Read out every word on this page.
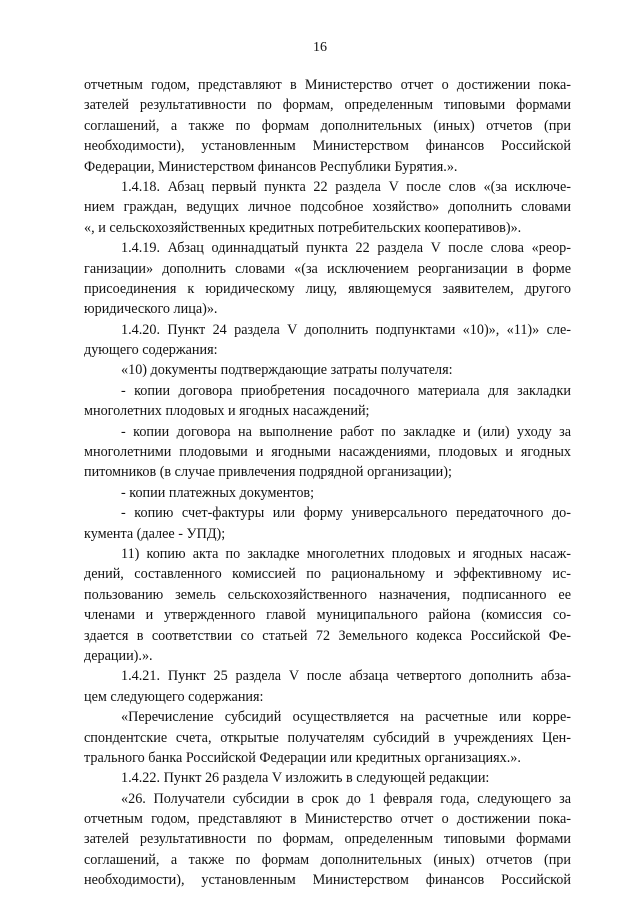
16
отчетным годом, представляют в Министерство отчет о достижении пока-
зателей результативности по формам, определенным типовыми формами
соглашений, а также по формам дополнительных (иных) отчетов (при
необходимости), установленным Министерством финансов Российской
Федерации, Министерством финансов Республики Бурятия.».
1.4.18. Абзац первый пункта 22 раздела V после слов «(за исключе-
нием граждан, ведущих личное подсобное хозяйство» дополнить словами
«, и сельскохозяйственных кредитных потребительских кооперативов)».
1.4.19. Абзац одиннадцатый пункта 22 раздела V после слова «реор-
ганизации» дополнить словами «(за исключением реорганизации в форме
присоединения к юридическому лицу, являющемуся заявителем, другого
юридического лица)».
1.4.20. Пункт 24 раздела V дополнить подпунктами «10)», «11)» сле-
дующего содержания:
«10) документы подтверждающие затраты получателя:
- копии договора приобретения посадочного материала для закладки
многолетних плодовых и ягодных насаждений;
- копии договора на выполнение работ по закладке и (или) уходу за
многолетними плодовыми и ягодными насаждениями, плодовых и ягодных
питомников (в случае привлечения подрядной организации);
- копии платежных документов;
- копию счет-фактуры или форму универсального передаточного до-
кумента (далее - УПД);
11) копию акта по закладке многолетних плодовых и ягодных насаж-
дений, составленного комиссией по рациональному и эффективному ис-
пользованию земель сельскохозяйственного назначения, подписанного ее
членами и утвержденного главой муниципального района (комиссия со-
здается в соответствии со статьей 72 Земельного кодекса Российской Фе-
дерации).».
1.4.21. Пункт 25 раздела V после абзаца четвертого дополнить абза-
цем следующего содержания:
«Перечисление субсидий осуществляется на расчетные или корре-
спондентские счета, открытые получателям субсидий в учреждениях Цен-
трального банка Российской Федерации или кредитных организациях.».
1.4.22. Пункт 26 раздела V изложить в следующей редакции:
«26. Получатели субсидии в срок до 1 февраля года, следующего за
отчетным годом, представляют в Министерство отчет о достижении пока-
зателей результативности по формам, определенным типовыми формами
соглашений, а также по формам дополнительных (иных) отчетов (при
необходимости), установленным Министерством финансов Российской
